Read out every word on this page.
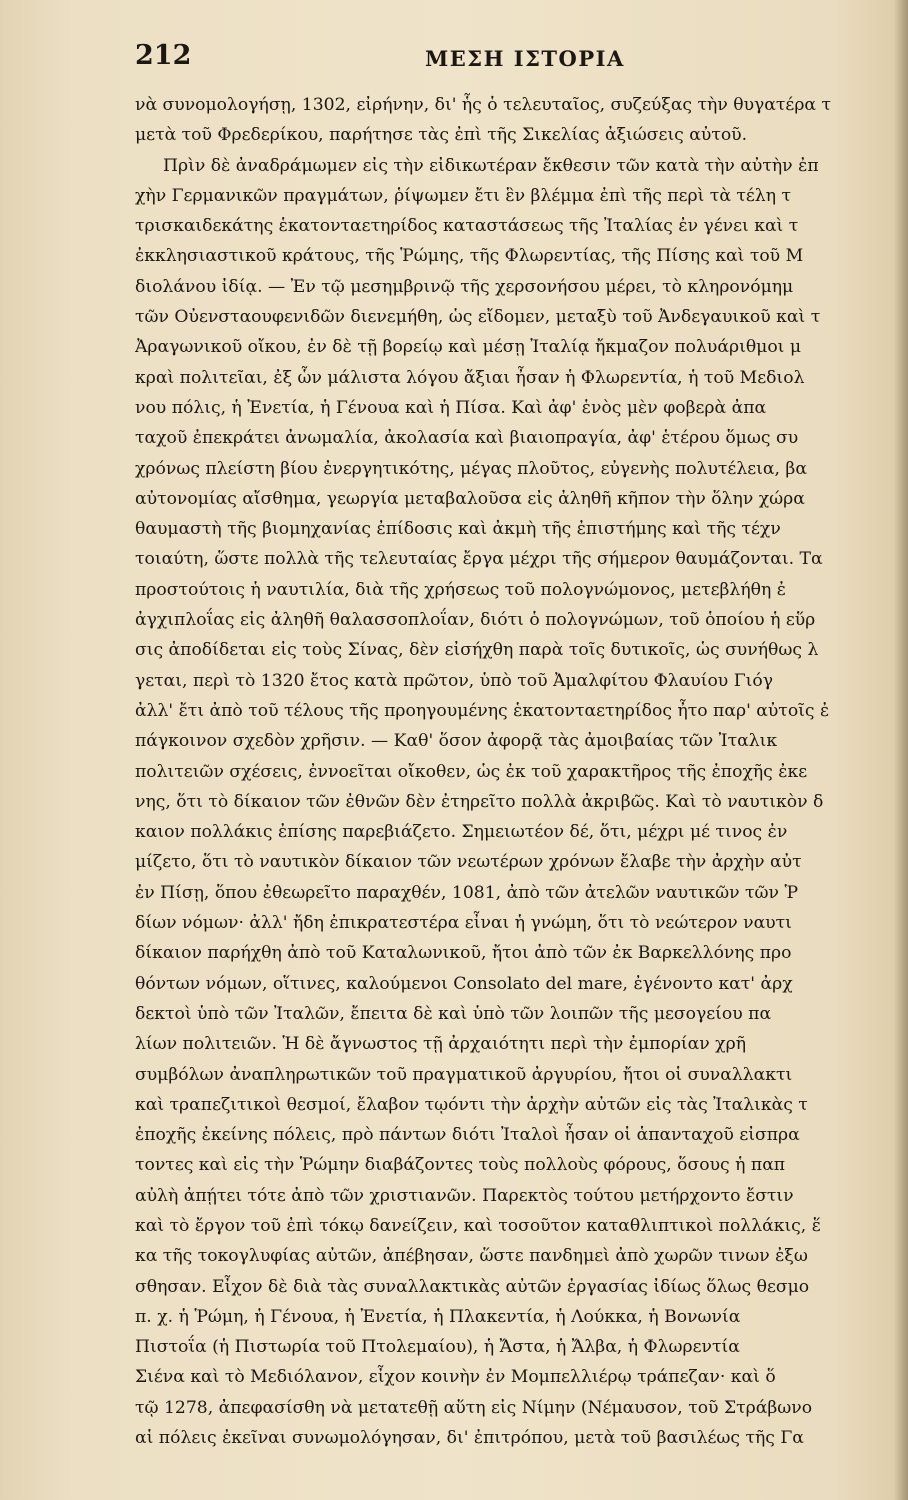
212	ΜΕΣΗ ΙΣΤΟΡΙΑ
νὰ συνομολογήσῃ, 1302, εἰρήνην, δι' ἧς ὁ τελευταῖος, συζεύξας τὴν θυγατέρα τ
μετὰ τοῦ Φρεδερίκου, παρήτησε τὰς ἐπὶ τῆς Σικελίας ἀξιώσεις αὐτοῦ.
Πρὶν δὲ ἀναδράμωμεν εἰς τὴν εἰδικωτέραν ἔκθεσιν τῶν κατὰ τὴν αὐτὴν ἐπ
χὴν Γερμανικῶν πραγμάτων, ῥίψωμεν ἔτι ἓν βλέμμα ἐπὶ τῆς περὶ τὰ τέλη τ
τρισκαιδεκάτης ἑκατονταετηρίδος καταστάσεως τῆς Ἰταλίας ἐν γένει καὶ τ
ἐκκλησιαστικοῦ κράτους, τῆς Ῥώμης, τῆς Φλωρεντίας, τῆς Πίσης καὶ τοῦ Μ
διολάνου ἰδίᾳ. — Ἐν τῷ μεσημβρινῷ τῆς χερσονήσου μέρει, τὸ κληρονόμημ
τῶν Οὐενσταουφενιδῶν διενεμήθη, ὡς εἴδομεν, μεταξὺ τοῦ Ἀνδεγαυικοῦ καὶ τ
Ἀραγωνικοῦ οἴκου, ἐν δὲ τῇ βορείῳ καὶ μέσῃ Ἰταλίᾳ ἤκμαζον πολυάριθμοι μ
κραὶ πολιτεῖαι, ἐξ ὧν μάλιστα λόγου ἄξιαι ἦσαν ἡ Φλωρεντία, ἡ τοῦ Μεδιολ
νου πόλις, ἡ Ἐνετία, ἡ Γένουα καὶ ἡ Πίσα. Καὶ ἀφ' ἑνὸς μὲν φοβερὰ ἀπα
ταχοῦ ἐπεκράτει ἀνωμαλία, ἀκολασία καὶ βιαιοπραγία, ἀφ' ἑτέρου ὅμως συ
χρόνως πλείστη βίου ἐνεργητικότης, μέγας πλοῦτος, εὐγενὴς πολυτέλεια, βα
αὐτονομίας αἴσθημα, γεωργία μεταβαλοῦσα εἰς ἀληθῆ κῆπον τὴν ὅλην χώρα
θαυμαστὴ τῆς βιομηχανίας ἐπίδοσις καὶ ἀκμὴ τῆς ἐπιστήμης καὶ τῆς τέχν
τοιαύτη, ὥστε πολλὰ τῆς τελευταίας ἔργα μέχρι τῆς σήμερον θαυμάζονται. Τα
προστούτοις ἡ ναυτιλία, διὰ τῆς χρήσεως τοῦ πολογνώμονος, μετεβλήθη ἐ
ἀγχιπλοΐας εἰς ἀληθῆ θαλασσοπλοΐαν, διότι ὁ πολογνώμων, τοῦ ὁποίου ἡ εὕρ
σις ἀποδίδεται εἰς τοὺς Σίνας, δὲν εἰσήχθη παρὰ τοῖς δυτικοῖς, ὡς συνήθως λ
γεται, περὶ τὸ 1320 ἔτος κατὰ πρῶτον, ὑπὸ τοῦ Ἀμαλφίτου Φλαυίου Γιόγ
ἀλλ' ἔτι ἀπὸ τοῦ τέλους τῆς προηγουμένης ἑκατονταετηρίδος ἦτο παρ' αὐτοῖς ἐ
πάγκοινον σχεδὸν χρῆσιν. — Καθ' ὅσον ἀφορᾷ τὰς ἀμοιβαίας τῶν Ἰταλικ
πολιτειῶν σχέσεις, ἐννοεῖται οἴκοθεν, ὡς ἐκ τοῦ χαρακτῆρος τῆς ἐποχῆς ἐκε
νης, ὅτι τὸ δίκαιον τῶν ἐθνῶν δὲν ἐτηρεῖτο πολλὰ ἀκριβῶς. Καὶ τὸ ναυτικὸν δ
καιον πολλάκις ἐπίσης παρεβιάζετο. Σημειωτέον δέ, ὅτι, μέχρι μέ τινος ἐν
μίζετο, ὅτι τὸ ναυτικὸν δίκαιον τῶν νεωτέρων χρόνων ἔλαβε τὴν ἀρχὴν αὐτ
ἐν Πίσῃ, ὅπου ἐθεωρεῖτο παραχθέν, 1081, ἀπὸ τῶν ἀτελῶν ναυτικῶν τῶν Ῥ
δίων νόμων· ἀλλ' ἤδη ἐπικρατεστέρα εἶναι ἡ γνώμη, ὅτι τὸ νεώτερον ναυτι
δίκαιον παρήχθη ἀπὸ τοῦ Καταλωνικοῦ, ἤτοι ἀπὸ τῶν ἐκ Βαρκελλόνης προ
θόντων νόμων, οἵτινες, καλούμενοι Consolato del mare, ἐγένοντο κατ' ἀρχ
δεκτοὶ ὑπὸ τῶν Ἰταλῶν, ἔπειτα δὲ καὶ ὑπὸ τῶν λοιπῶν τῆς μεσογείου πα
λίων πολιτειῶν. Ἡ δὲ ἄγνωστος τῇ ἀρχαιότητι περὶ τὴν ἐμπορίαν χρῆ
συμβόλων ἀναπληρωτικῶν τοῦ πραγματικοῦ ἀργυρίου, ἤτοι οἱ συναλλακτι
καὶ τραπεζιτικοὶ θεσμοί, ἔλαβον τῳόντι τὴν ἀρχὴν αὐτῶν εἰς τὰς Ἰταλικὰς τ
ἐποχῆς ἐκείνης πόλεις, πρὸ πάντων διότι Ἰταλοὶ ἦσαν οἱ ἁπανταχοῦ εἰσπρα
τοντες καὶ εἰς τὴν Ῥώμην διαβάζοντες τοὺς πολλοὺς φόρους, ὅσους ἡ παπ
αὐλὴ ἀπῄτει τότε ἀπὸ τῶν χριστιανῶν. Παρεκτὸς τούτου μετήρχοντο ἔστιν
καὶ τὸ ἔργον τοῦ ἐπὶ τόκῳ δανείζειν, καὶ τοσοῦτον καταθλιπτικοὶ πολλάκις, ἕ
κα τῆς τοκογλυφίας αὐτῶν, ἀπέβησαν, ὥστε πανδημεὶ ἀπὸ χωρῶν τινων ἐξω
σθησαν. Εἶχον δὲ διὰ τὰς συναλλακτικὰς αὐτῶν ἐργασίας ἰδίως ὅλως θεσμο
π. χ. ἡ Ῥώμη, ἡ Γένουα, ἡ Ἐνετία, ἡ Πλακεντία, ἡ Λούκκα, ἡ Βονωνία
Πιστοΐα (ἡ Πιστωρία τοῦ Πτολεμαίου), ἡ Ἄστα, ἡ Ἄλβα, ἡ Φλωρεντία
Σιένα καὶ τὸ Μεδιόλανον, εἶχον κοινὴν ἐν Μομπελλιέρῳ τράπεζαν· καὶ ὅ
τῷ 1278, ἀπεφασίσθη νὰ μετατεθῇ αὕτη εἰς Νίμην (Νέμαυσον, τοῦ Στράβωνο
αἱ πόλεις ἐκεῖναι συνωμολόγησαν, δι' ἐπιτρόπου, μετὰ τοῦ βασιλέως τῆς Γα
